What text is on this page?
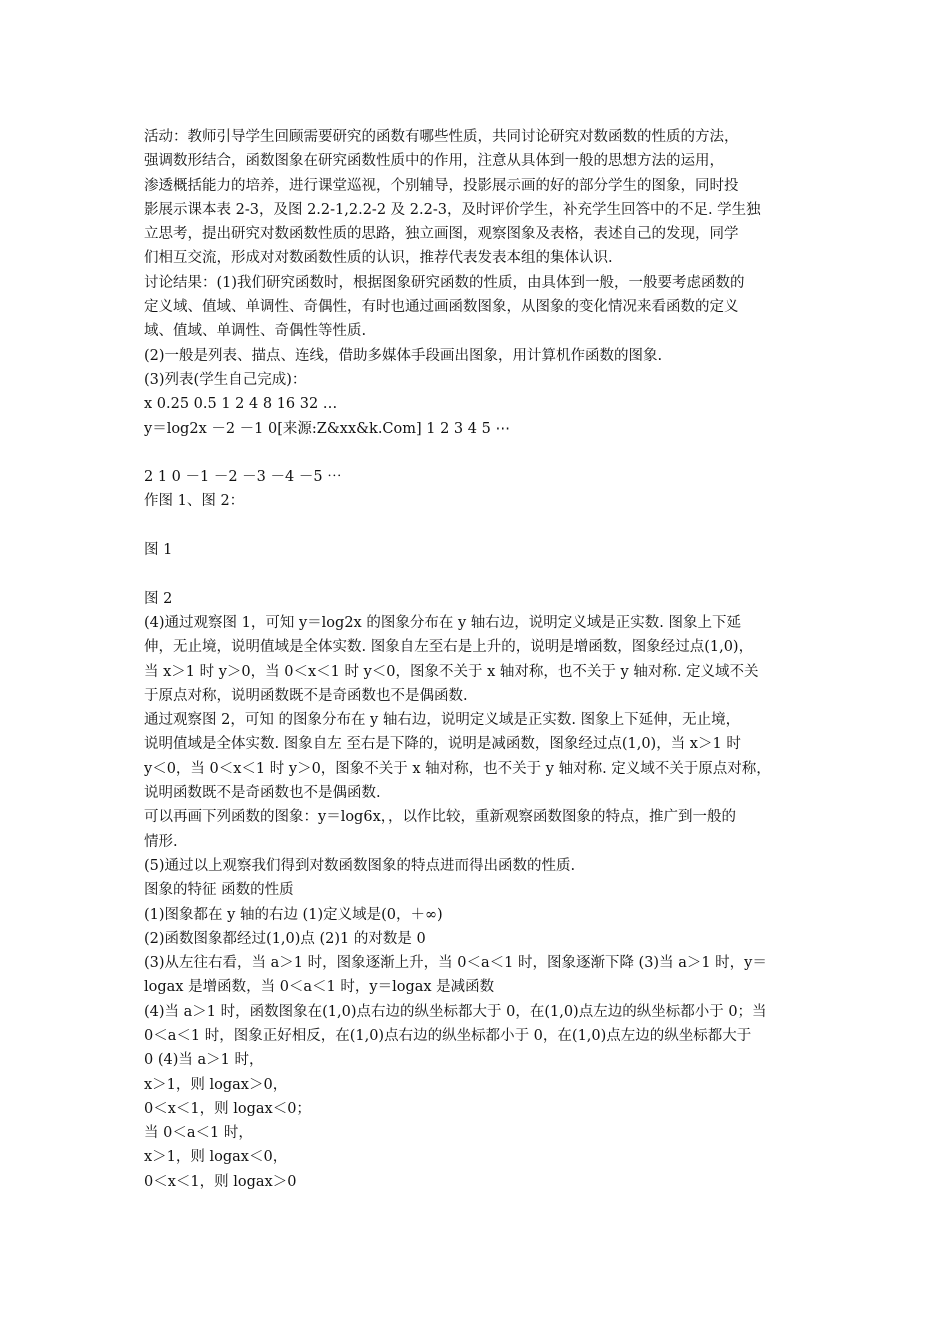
活动：教师引导学生回顾需要研究的函数有哪些性质，共同讨论研究对数函数的性质的方法，
强调数形结合，函数图象在研究函数性质中的作用，注意从具体到一般的思想方法的运用，
渗透概括能力的培养，进行课堂巡视，个别辅导，投影展示画的好的部分学生的图象，同时投
影展示课本表 2-3，及图 2.2-1,2.2-2 及 2.2-3，及时评价学生，补充学生回答中的不足. 学生独
立思考，提出研究对数函数性质的思路，独立画图，观察图象及表格，表述自己的发现，同学
们相互交流，形成对对数函数性质的认识，推荐代表发表本组的集体认识.
讨论结果：(1)我们研究函数时，根据图象研究函数的性质，由具体到一般，一般要考虑函数的
定义域、值域、单调性、奇偶性，有时也通过画函数图象，从图象的变化情况来看函数的定义
域、值域、单调性、奇偶性等性质.
(2)一般是列表、描点、连线，借助多媒体手段画出图象，用计算机作函数的图象.
(3)列表(学生自己完成)：
x 0.25 0.5 1 2 4 8 16 32 …
y＝log2x －2 －1 0[来源:Z&xx&k.Com] 1 2 3 4 5 ⋯
2 1 0 －1 －2 －3 －4 －5 ⋯
作图 1、图 2：
图 1
图 2
(4)通过观察图 1，可知 y＝log2x 的图象分布在 y 轴右边，说明定义域是正实数. 图象上下延
伸，无止境，说明值域是全体实数. 图象自左至右是上升的，说明是增函数，图象经过点(1,0)，
当 x＞1 时 y＞0，当 0＜x＜1 时 y＜0，图象不关于 x 轴对称，也不关于 y 轴对称. 定义域不关
于原点对称，说明函数既不是奇函数也不是偶函数.
通过观察图 2，可知 的图象分布在 y 轴右边，说明定义域是正实数. 图象上下延伸，无止境，
说明值域是全体实数. 图象自左 至右是下降的，说明是减函数，图象经过点(1,0)，当 x＞1 时
y＜0，当 0＜x＜1 时 y＞0，图象不关于 x 轴对称，也不关于 y 轴对称. 定义域不关于原点对称，
说明函数既不是奇函数也不是偶函数.
可以再画下列函数的图象：y＝log6x，，以作比较，重新观察函数图象的特点，推广到一般的
情形.
(5)通过以上观察我们得到对数函数图象的特点进而得出函数的性质.
图象的特征 函数的性质
(1)图象都在 y 轴的右边 (1)定义域是(0，＋∞)
(2)函数图象都经过(1,0)点 (2)1 的对数是 0
(3)从左往右看，当 a＞1 时，图象逐渐上升，当 0＜a＜1 时，图象逐渐下降 (3)当 a＞1 时，y＝
logax 是增函数，当 0＜a＜1 时，y＝logax 是减函数
(4)当 a＞1 时，函数图象在(1,0)点右边的纵坐标都大于 0，在(1,0)点左边的纵坐标都小于 0；当
0＜a＜1 时，图象正好相反，在(1,0)点右边的纵坐标都小于 0，在(1,0)点左边的纵坐标都大于
0 (4)当 a＞1 时，
x＞1，则 logax＞0，
0＜x＜1，则 logax＜0；
当 0＜a＜1 时，
x＞1，则 logax＜0，
0＜x＜1，则 logax＞0
